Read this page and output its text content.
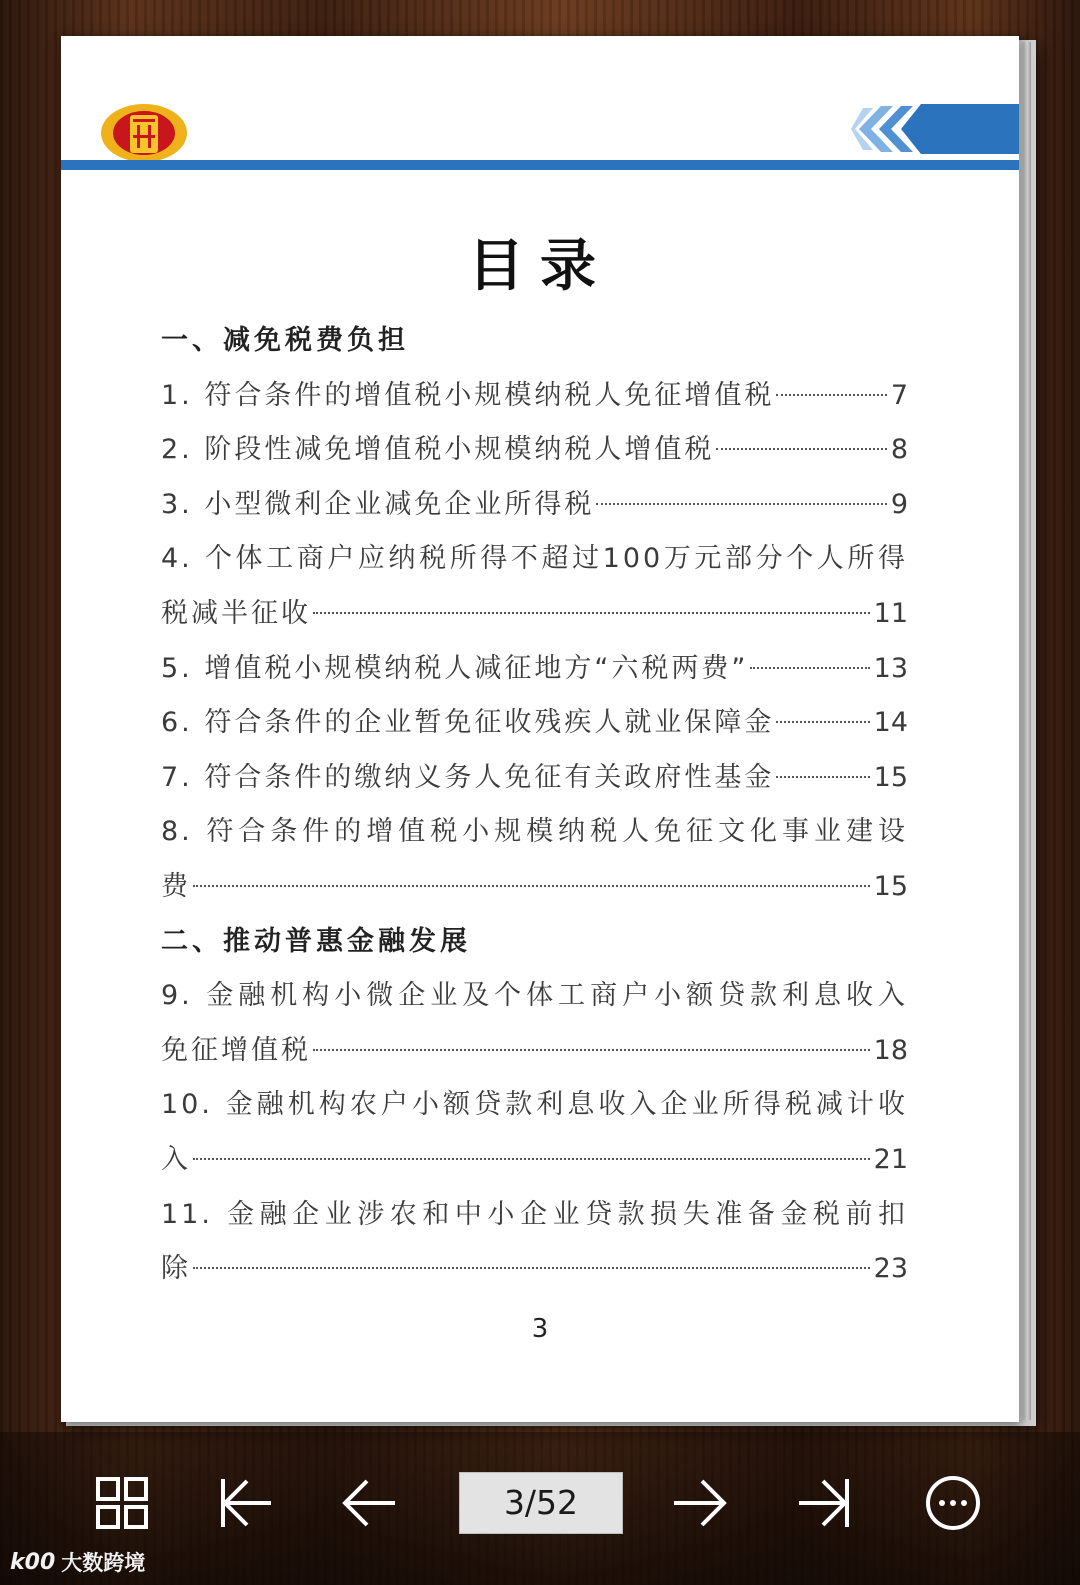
目录
一、减免税费负担
1. 符合条件的增值税小规模纳税人免征增值税	7
2. 阶段性减免增值税小规模纳税人增值税	8
3. 小型微利企业减免企业所得税	9
4. 个体工商户应纳税所得不超过100万元部分个人所得
税减半征收	11
5. 增值税小规模纳税人减征地方“六税两费”	13
6. 符合条件的企业暂免征收残疾人就业保障金	14
7. 符合条件的缴纳义务人免征有关政府性基金	15
8. 符合条件的增值税小规模纳税人免征文化事业建设
费	15
二、推动普惠金融发展
9. 金融机构小微企业及个体工商户小额贷款利息收入
免征增值税	18
10. 金融机构农户小额贷款利息收入企业所得税减计收
入	21
11. 金融企业涉农和中小企业贷款损失准备金税前扣
除	23
3
3/52
k00 大数跨境
